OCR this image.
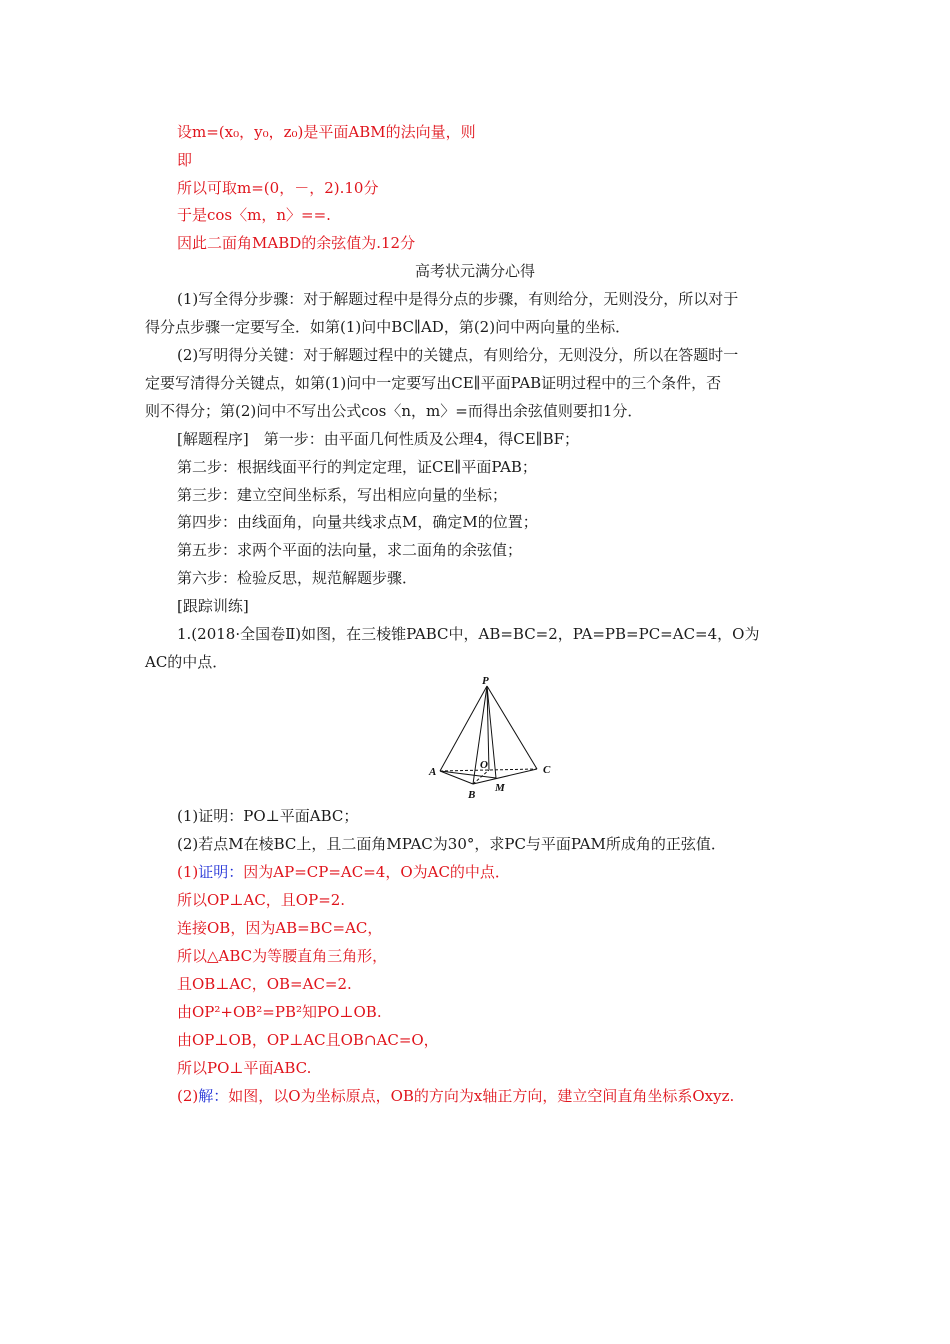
设m=(x₀，y₀，z₀)是平面ABM的法向量，则
即
所以可取m=(0，－，2).10分
于是cos〈m，n〉==.
因此二面角MABD的余弦值为.12分
高考状元满分心得
(1)写全得分步骤：对于解题过程中是得分点的步骤，有则给分，无则没分，所以对于
得分点步骤一定要写全．如第(1)问中BC∥AD，第(2)问中两向量的坐标．
(2)写明得分关键：对于解题过程中的关键点，有则给分，无则没分，所以在答题时一
定要写清得分关键点，如第(1)问中一定要写出CE∥平面PAB证明过程中的三个条件，否
则不得分；第(2)问中不写出公式cos〈n，m〉=而得出余弦值则要扣1分．
[解题程序]　第一步：由平面几何性质及公理4，得CE∥BF；
第二步：根据线面平行的判定定理，证CE∥平面PAB；
第三步：建立空间坐标系，写出相应向量的坐标；
第四步：由线面角，向量共线求点M，确定M的位置；
第五步：求两个平面的法向量，求二面角的余弦值；
第六步：检验反思，规范解题步骤．
[跟踪训练]
1.(2018·全国卷Ⅱ)如图，在三棱锥PABC中，AB=BC=2，PA=PB=PC=AC=4，O为
AC的中点．
P
A
B
C
O
M
(1)证明：PO⊥平面ABC；
(2)若点M在棱BC上，且二面角MPAC为30°，求PC与平面PAM所成角的正弦值．
(1)证明：因为AP=CP=AC=4，O为AC的中点．
所以OP⊥AC，且OP=2.
连接OB，因为AB=BC=AC，
所以△ABC为等腰直角三角形，
且OB⊥AC，OB=AC=2.
由OP²+OB²=PB²知PO⊥OB.
由OP⊥OB，OP⊥AC且OB∩AC=O，
所以PO⊥平面ABC.
(2)解：如图，以O为坐标原点，OB的方向为x轴正方向，建立空间直角坐标系Oxyz.
